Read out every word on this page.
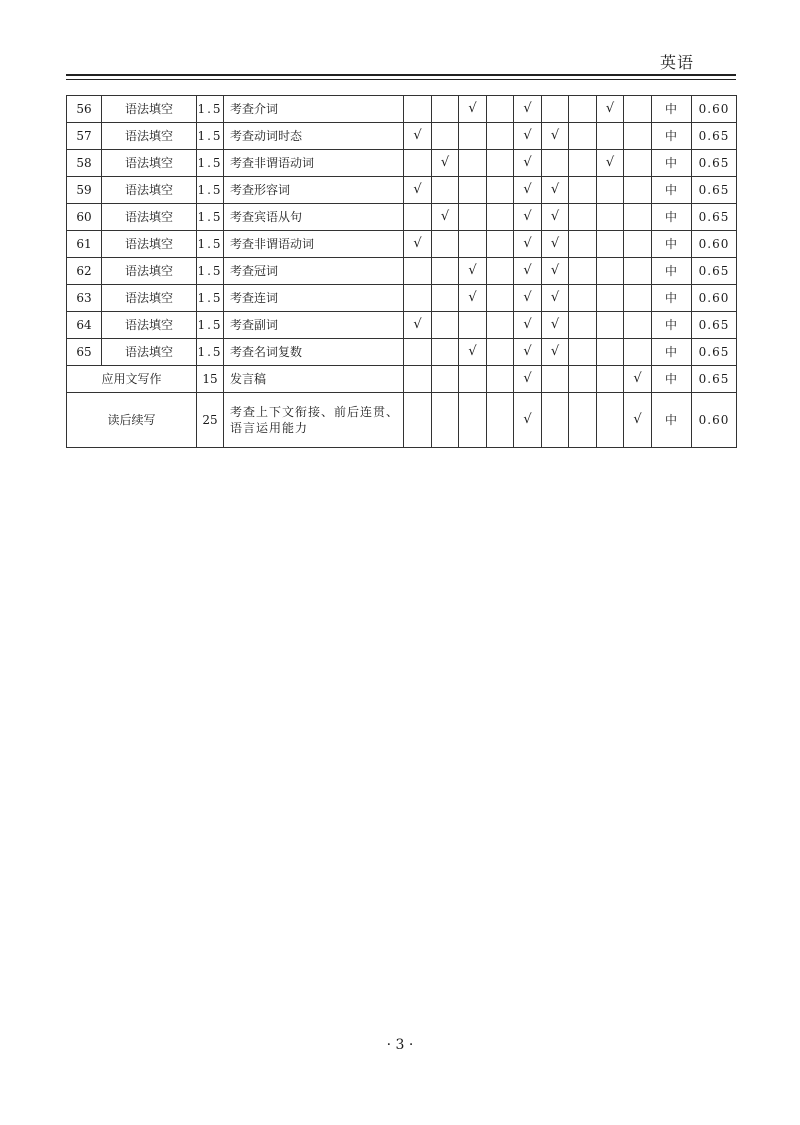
英语
56	语法填空	1.5	考查介词			√		√			√		中	0.60
57	语法填空	1.5	考查动词时态	√				√	√				中	0.65
58	语法填空	1.5	考查非谓语动词		√			√			√		中	0.65
59	语法填空	1.5	考查形容词	√				√	√				中	0.65
60	语法填空	1.5	考查宾语从句		√			√	√				中	0.65
61	语法填空	1.5	考查非谓语动词	√				√	√				中	0.60
62	语法填空	1.5	考查冠词			√		√	√				中	0.65
63	语法填空	1.5	考查连词			√		√	√				中	0.60
64	语法填空	1.5	考查副词	√				√	√				中	0.65
65	语法填空	1.5	考查名词复数			√		√	√				中	0.65
应用文写作		15	发言稿					√				√	中	0.65
读后续写		25	考查上下文衔接、前后连贯、语言运用能力					√				√	中	0.60
· 3 ·
